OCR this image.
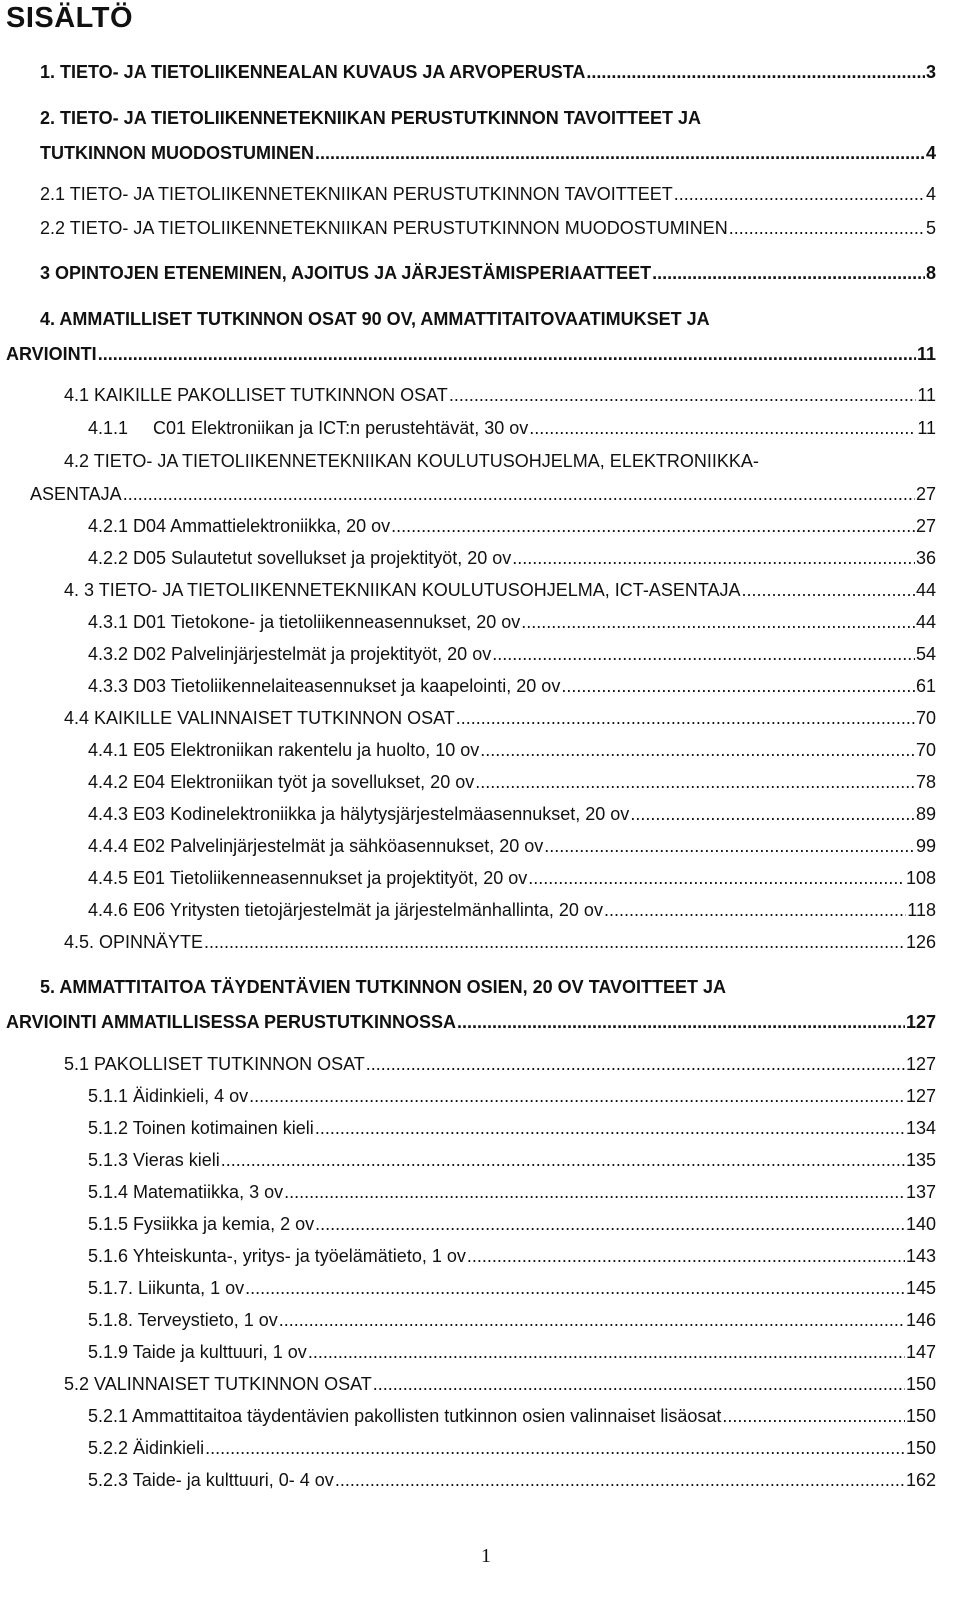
SISÄLTÖ
1. TIETO- JA TIETOLIIKENNEALAN KUVAUS JA ARVOPERUSTA .....	3
2. TIETO- JA TIETOLIIKENNETEKNIIKAN PERUSTUTKINNON TAVOITTEET JA
TUTKINNON MUODOSTUMINEN .....	4
2.1 TIETO- JA TIETOLIIKENNETEKNIIKAN PERUSTUTKINNON TAVOITTEET .....	4
2.2 TIETO- JA TIETOLIIKENNETEKNIIKAN PERUSTUTKINNON MUODOSTUMINEN .....	5
3 OPINTOJEN ETENEMINEN, AJOITUS JA JÄRJESTÄMISPERIAATTEET .....	8
4. AMMATILLISET TUTKINNON OSAT 90 OV, AMMATTITAITOVAATIMUKSET JA
ARVIOINTI .....	11
4.1 KAIKILLE PAKOLLISET TUTKINNON OSAT .....	11
4.1.1     C01 Elektroniikan ja ICT:n perustehtävät, 30 ov .....	11
4.2 TIETO- JA TIETOLIIKENNETEKNIIKAN KOULUTUSOHJELMA, ELEKTRONIIKKA-
ASENTAJA .....	27
4.2.1 D04 Ammattielektroniikka, 20 ov .....	27
4.2.2 D05 Sulautetut sovellukset ja projektityöt, 20 ov .....	36
4. 3 TIETO- JA TIETOLIIKENNETEKNIIKAN KOULUTUSOHJELMA, ICT-ASENTAJA .....	44
4.3.1 D01 Tietokone- ja tietoliikenneasennukset, 20 ov .....	44
4.3.2 D02 Palvelinjärjestelmät ja projektityöt, 20 ov .....	54
4.3.3 D03 Tietoliikennelaiteasennukset ja kaapelointi, 20 ov .....	61
4.4 KAIKILLE VALINNAISET TUTKINNON OSAT .....	70
4.4.1 E05 Elektroniikan rakentelu ja huolto, 10 ov .....	70
4.4.2 E04 Elektroniikan työt ja sovellukset, 20 ov .....	78
4.4.3 E03 Kodinelektroniikka ja hälytysjärjestelmäasennukset, 20 ov .....	89
4.4.4 E02 Palvelinjärjestelmät ja sähköasennukset, 20 ov .....	99
4.4.5 E01 Tietoliikenneasennukset ja projektityöt, 20 ov .....	108
4.4.6 E06 Yritysten tietojärjestelmät ja järjestelmänhallinta, 20 ov .....	118
4.5. OPINNÄYTE .....	126
5. AMMATTITAITOA TÄYDENTÄVIEN TUTKINNON OSIEN, 20 OV TAVOITTEET JA
ARVIOINTI AMMATILLISESSA PERUSTUTKINNOSSA .....	127
5.1 PAKOLLISET TUTKINNON OSAT .....	127
5.1.1 Äidinkieli, 4 ov .....	127
5.1.2 Toinen kotimainen kieli .....	134
5.1.3 Vieras kieli .....	135
5.1.4 Matematiikka, 3 ov .....	137
5.1.5 Fysiikka ja kemia, 2 ov .....	140
5.1.6 Yhteiskunta-, yritys- ja työelämätieto, 1 ov .....	143
5.1.7. Liikunta, 1 ov .....	145
5.1.8. Terveystieto, 1 ov .....	146
5.1.9 Taide ja kulttuuri, 1 ov .....	147
5.2 VALINNAISET TUTKINNON OSAT .....	150
5.2.1 Ammattitaitoa täydentävien pakollisten tutkinnon osien valinnaiset lisäosat .....	150
5.2.2 Äidinkieli .....	150
5.2.3 Taide- ja kulttuuri, 0- 4 ov .....	162
1
